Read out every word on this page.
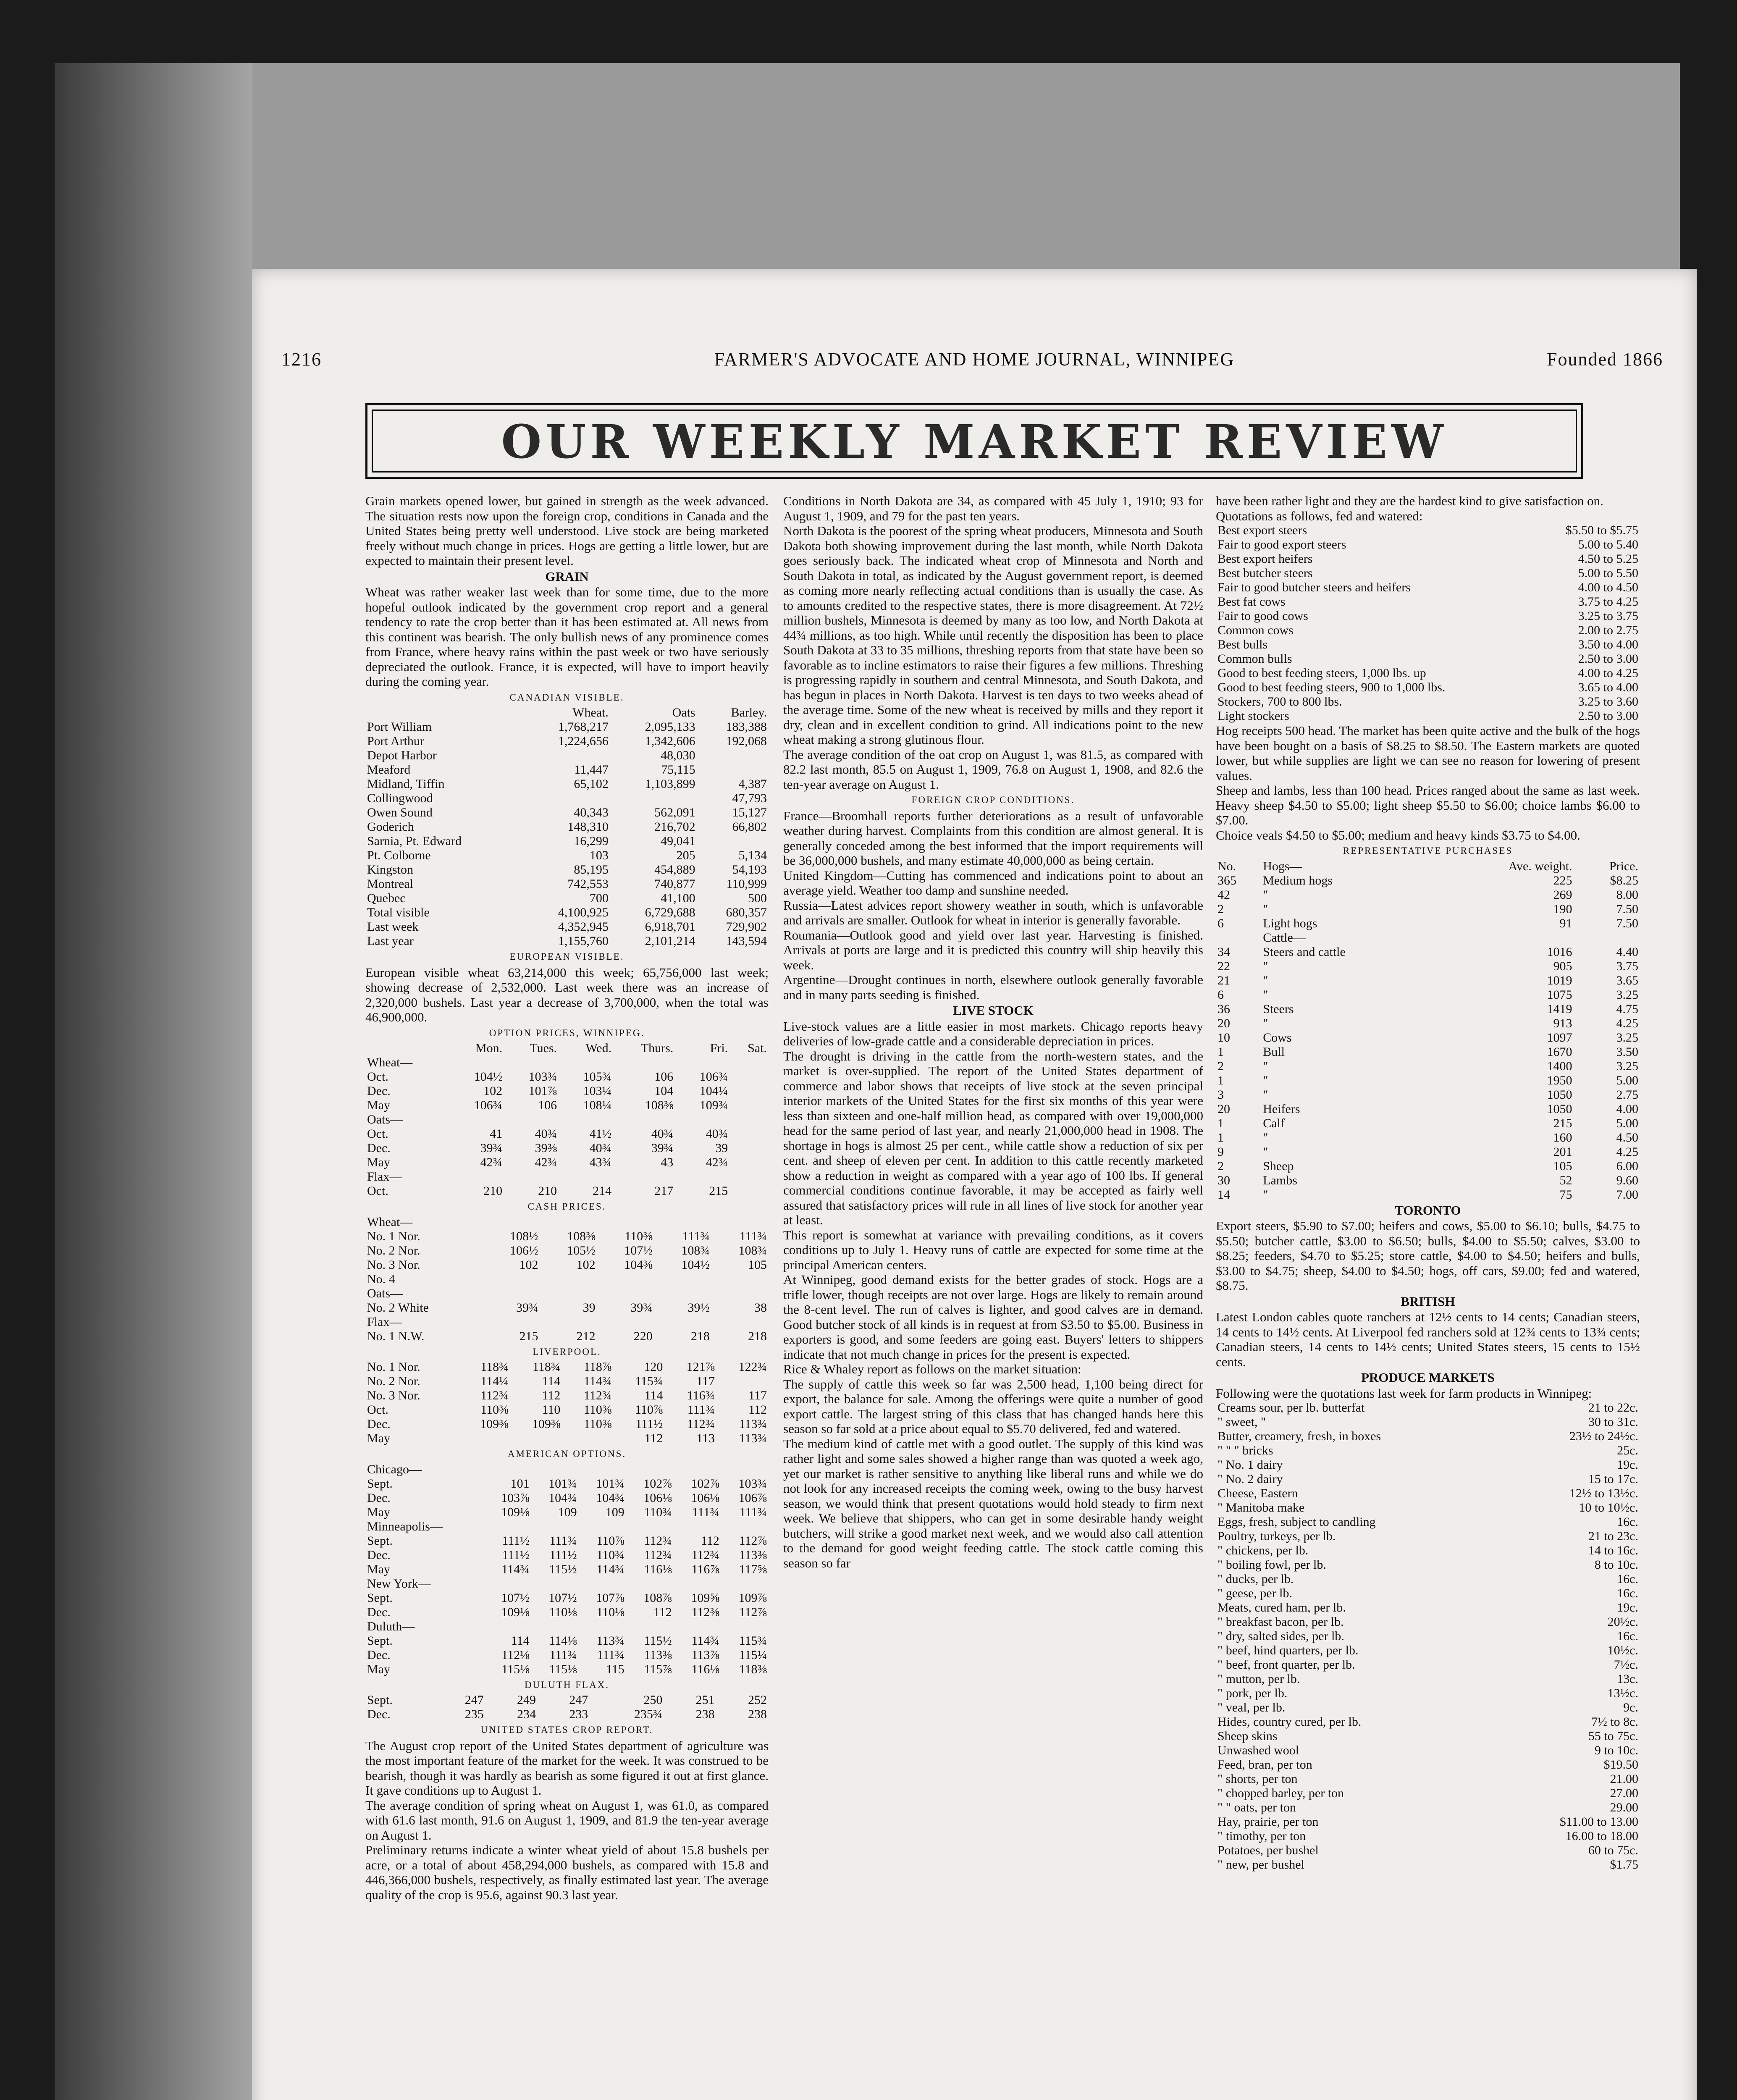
1216	FARMER'S ADVOCATE AND HOME JOURNAL, WINNIPEG	Founded 1866
OUR WEEKLY MARKET REVIEW

Grain markets opened lower, but gained in strength as the week advanced. The situation rests now upon the foreign crop, conditions in Canada and the United States being pretty well understood. Live stock are being marketed freely without much change in prices. Hogs are getting a little lower, but are expected to maintain their present level.

GRAIN

Wheat was rather weaker last week than for some time, due to the more hopeful outlook indicated by the government crop report and a general tendency to rate the crop better than it has been estimated at. All news from this continent was bearish. The only bullish news of any prominence comes from France, where heavy rains within the past week or two have seriously depreciated the outlook. France, it is expected, will have to import heavily during the coming year.

CANADIAN VISIBLE.
	Wheat.	Oats	Barley.
Port William	1,768,217	2,095,133	183,388
Port Arthur	1,224,656	1,342,606	192,068
Depot Harbor		48,030	
Meaford	11,447	75,115	
Midland, Tiffin	65,102	1,103,899	4,387
Collingwood			47,793
Owen Sound	40,343	562,091	15,127
Goderich	148,310	216,702	66,802
Sarnia, Pt. Edward	16,299	49,041	
Pt. Colborne	103	205	5,134
Kingston	85,195	454,889	54,193
Montreal	742,553	740,877	110,999
Quebec	700	41,100	500
Total visible	4,100,925	6,729,688	680,357
Last week	4,352,945	6,918,701	729,902
Last year	1,155,760	2,101,214	143,594
EUROPEAN VISIBLE.

European visible wheat 63,214,000 this week; 65,756,000 last week; showing decrease of 2,532,000. Last week there was an increase of 2,320,000 bushels. Last year a decrease of 3,700,000, when the total was 46,900,000.

OPTION PRICES, WINNIPEG.
	Mon.	Tues.	Wed.	Thurs.	Fri.	Sat.
Wheat—						
Oct.	104½	103¾	105¾	106	106¾	
Dec.	102	101⅞	103¼	104	104¼	
May	106¾	106	108¼	108⅜	109¾	
Oats—						
Oct.	41	40¾	41½	40¾	40¾	
Dec.	39¾	39⅜	40¾	39¾	39	
May	42¾	42¾	43¾	43	42¾	
Flax—						
Oct.	210	210	214	217	215	
CASH PRICES.
Wheat—					
No. 1 Nor.	108½	108⅜	110⅜	111¾	111¾
No. 2 Nor.	106½	105½	107½	108¾	108¾
No. 3 Nor.	102	102	104⅜	104½	105
No. 4					
Oats—					
No. 2 White	39¾	39	39¾	39½	38
Flax—					
No. 1 N.W.	215	212	220	218	218
LIVERPOOL.
No. 1 Nor.	118¾	118¾	118⅞	120	121⅞	122¾
No. 2 Nor.	114¼	114	114¾	115¾	117	
No. 3 Nor.	112¾	112	112¾	114	116¾	117
Oct.	110⅜	110	110⅜	110⅞	111¾	112
Dec.	109⅜	109⅜	110⅜	111½	112¾	113¾
May				112	113	113¾
AMERICAN OPTIONS.
Chicago—						
Sept.	101	101¾	101¾	102⅞	102⅞	103¾
Dec.	103⅞	104¾	104¾	106⅛	106⅛	106⅞
May	109⅛	109	109	110¾	111¾	111¾
Minneapolis—						
Sept.	111½	111¾	110⅞	112¾	112	112⅞
Dec.	111½	111½	110¾	112¾	112¾	113⅜
May	114¾	115½	114¾	116⅛	116⅞	117⅝
New York—						
Sept.	107½	107½	107⅞	108⅞	109⅝	109⅞
Dec.	109⅛	110⅛	110⅛	112	112⅜	112⅞
Duluth—						
Sept.	114	114⅛	113¾	115½	114¾	115¾
Dec.	112⅛	111¾	111¾	113⅜	113⅞	115¼
May	115⅛	115⅛	115	115⅞	116⅛	118⅜
DULUTH FLAX.
Sept.	247	249	247	250	251	252
Dec.	235	234	233	235¾	238	238
UNITED STATES CROP REPORT.

The August crop report of the United States department of agriculture was the most important feature of the market for the week. It was construed to be bearish, though it was hardly as bearish as some figured it out at first glance. It gave conditions up to August 1.

The average condition of spring wheat on August 1, was 61.0, as compared with 61.6 last month, 91.6 on August 1, 1909, and 81.9 the ten-year average on August 1.

Preliminary returns indicate a winter wheat yield of about 15.8 bushels per acre, or a total of about 458,294,000 bushels, as compared with 15.8 and 446,366,000 bushels, respectively, as finally estimated last year. The average quality of the crop is 95.6, against 90.3 last year.

Conditions in North Dakota are 34, as compared with 45 July 1, 1910; 93 for August 1, 1909, and 79 for the past ten years.

North Dakota is the poorest of the spring wheat producers, Minnesota and South Dakota both showing improvement during the last month, while North Dakota goes seriously back. The indicated wheat crop of Minnesota and North and South Dakota in total, as indicated by the August government report, is deemed as coming more nearly reflecting actual conditions than is usually the case. As to amounts credited to the respective states, there is more disagreement. At 72½ million bushels, Minnesota is deemed by many as too low, and North Dakota at 44¾ millions, as too high. While until recently the disposition has been to place South Dakota at 33 to 35 millions, threshing reports from that state have been so favorable as to incline estimators to raise their figures a few millions. Threshing is progressing rapidly in southern and central Minnesota, and South Dakota, and has begun in places in North Dakota. Harvest is ten days to two weeks ahead of the average time. Some of the new wheat is received by mills and they report it dry, clean and in excellent condition to grind. All indications point to the new wheat making a strong glutinous flour.

The average condition of the oat crop on August 1, was 81.5, as compared with 82.2 last month, 85.5 on August 1, 1909, 76.8 on August 1, 1908, and 82.6 the ten-year average on August 1.

FOREIGN CROP CONDITIONS.

France—Broomhall reports further deteriorations as a result of unfavorable weather during harvest. Complaints from this condition are almost general. It is generally conceded among the best informed that the import requirements will be 36,000,000 bushels, and many estimate 40,000,000 as being certain.

United Kingdom—Cutting has commenced and indications point to about an average yield. Weather too damp and sunshine needed.

Russia—Latest advices report showery weather in south, which is unfavorable and arrivals are smaller. Outlook for wheat in interior is generally favorable.

Roumania—Outlook good and yield over last year. Harvesting is finished. Arrivals at ports are large and it is predicted this country will ship heavily this week.

Argentine—Drought continues in north, elsewhere outlook generally favorable and in many parts seeding is finished.

LIVE STOCK

Live-stock values are a little easier in most markets. Chicago reports heavy deliveries of low-grade cattle and a considerable depreciation in prices.

The drought is driving in the cattle from the north-western states, and the market is over-supplied. The report of the United States department of commerce and labor shows that receipts of live stock at the seven principal interior markets of the United States for the first six months of this year were less than sixteen and one-half million head, as compared with over 19,000,000 head for the same period of last year, and nearly 21,000,000 head in 1908. The shortage in hogs is almost 25 per cent., while cattle show a reduction of six per cent. and sheep of eleven per cent. In addition to this cattle recently marketed show a reduction in weight as compared with a year ago of 100 lbs. If general commercial conditions continue favorable, it may be accepted as fairly well assured that satisfactory prices will rule in all lines of live stock for another year at least.

This report is somewhat at variance with prevailing conditions, as it covers conditions up to July 1. Heavy runs of cattle are expected for some time at the principal American centers.

At Winnipeg, good demand exists for the better grades of stock. Hogs are a trifle lower, though receipts are not over large. Hogs are likely to remain around the 8-cent level. The run of calves is lighter, and good calves are in demand. Good butcher stock of all kinds is in request at from $3.50 to $5.00. Business in exporters is good, and some feeders are going east. Buyers' letters to shippers indicate that not much change in prices for the present is expected.

Rice & Whaley report as follows on the market situation:

The supply of cattle this week so far was 2,500 head, 1,100 being direct for export, the balance for sale. Among the offerings were quite a number of good export cattle. The largest string of this class that has changed hands here this season so far sold at a price about equal to $5.70 delivered, fed and watered.

The medium kind of cattle met with a good outlet. The supply of this kind was rather light and some sales showed a higher range than was quoted a week ago, yet our market is rather sensitive to anything like liberal runs and while we do not look for any increased receipts the coming week, owing to the busy harvest season, we would think that present quotations would hold steady to firm next week. We believe that shippers, who can get in some desirable handy weight butchers, will strike a good market next week, and we would also call attention to the demand for good weight feeding cattle. The stock cattle coming this season so far

have been rather light and they are the hardest kind to give satisfaction on.

Quotations as follows, fed and watered:

Best export steers	$5.50 to $5.75
Fair to good export steers	5.00 to 5.40
Best export heifers	4.50 to 5.25
Best butcher steers	5.00 to 5.50
Fair to good butcher steers and heifers	4.00 to 4.50
Best fat cows	3.75 to 4.25
Fair to good cows	3.25 to 3.75
Common cows	2.00 to 2.75
Best bulls	3.50 to 4.00
Common bulls	2.50 to 3.00
Good to best feeding steers, 1,000 lbs. up	4.00 to 4.25
Good to best feeding steers, 900 to 1,000 lbs.	3.65 to 4.00
Stockers, 700 to 800 lbs.	3.25 to 3.60
Light stockers	2.50 to 3.00

Hog receipts 500 head. The market has been quite active and the bulk of the hogs have been bought on a basis of $8.25 to $8.50. The Eastern markets are quoted lower, but while supplies are light we can see no reason for lowering of present values.

Sheep and lambs, less than 100 head. Prices ranged about the same as last week. Heavy sheep $4.50 to $5.00; light sheep $5.50 to $6.00; choice lambs $6.00 to $7.00.

Choice veals $4.50 to $5.00; medium and heavy kinds $3.75 to $4.00.

REPRESENTATIVE PURCHASES
No.	Hogs—	Ave. weight.	Price.
365	Medium hogs	225	$8.25
42	"	269	8.00
2	"	190	7.50
6	Light hogs	91	7.50
	Cattle—		
34	Steers and cattle	1016	4.40
22	"	905	3.75
21	"	1019	3.65
6	"	1075	3.25
36	Steers	1419	4.75
20	"	913	4.25
10	Cows	1097	3.25
1	Bull	1670	3.50
2	"	1400	3.25
1	"	1950	5.00
3	"	1050	2.75
20	Heifers	1050	4.00
1	Calf	215	5.00
1	"	160	4.50
9	"	201	4.25
2	Sheep	105	6.00
30	Lambs	52	9.60
14	"	75	7.00
TORONTO

Export steers, $5.90 to $7.00; heifers and cows, $5.00 to $6.10; bulls, $4.75 to $5.50; butcher cattle, $3.00 to $6.50; bulls, $4.00 to $5.50; calves, $3.00 to $8.25; feeders, $4.70 to $5.25; store cattle, $4.00 to $4.50; heifers and bulls, $3.00 to $4.75; sheep, $4.00 to $4.50; hogs, off cars, $9.00; fed and watered, $8.75.

BRITISH

Latest London cables quote ranchers at 12½ cents to 14 cents; Canadian steers, 14 cents to 14½ cents. At Liverpool fed ranchers sold at 12¾ cents to 13¾ cents; Canadian steers, 14 cents to 14½ cents; United States steers, 15 cents to 15½ cents.

PRODUCE MARKETS

Following were the quotations last week for farm products in Winnipeg:

Creams sour, per lb. butterfat	21 to 22c.
" sweet, "	30 to 31c.
Butter, creamery, fresh, in boxes	23½ to 24½c.
" " " bricks	25c.
" No. 1 dairy	19c.
" No. 2 dairy	15 to 17c.
Cheese, Eastern	12½ to 13½c.
" Manitoba make	10 to 10½c.
Eggs, fresh, subject to candling	16c.
Poultry, turkeys, per lb.	21 to 23c.
" chickens, per lb.	14 to 16c.
" boiling fowl, per lb.	8 to 10c.
" ducks, per lb.	16c.
" geese, per lb.	16c.
Meats, cured ham, per lb.	19c.
" breakfast bacon, per lb.	20½c.
" dry, salted sides, per lb.	16c.
" beef, hind quarters, per lb.	10½c.
" beef, front quarter, per lb.	7½c.
" mutton, per lb.	13c.
" pork, per lb.	13½c.
" veal, per lb.	9c.
Hides, country cured, per lb.	7½ to 8c.
Sheep skins	55 to 75c.
Unwashed wool	9 to 10c.
Feed, bran, per ton	$19.50
" shorts, per ton	21.00
" chopped barley, per ton	27.00
" " oats, per ton	29.00
Hay, prairie, per ton	$11.00 to 13.00
" timothy, per ton	16.00 to 18.00
Potatoes, per bushel	60 to 75c.
" new, per bushel	$1.75
